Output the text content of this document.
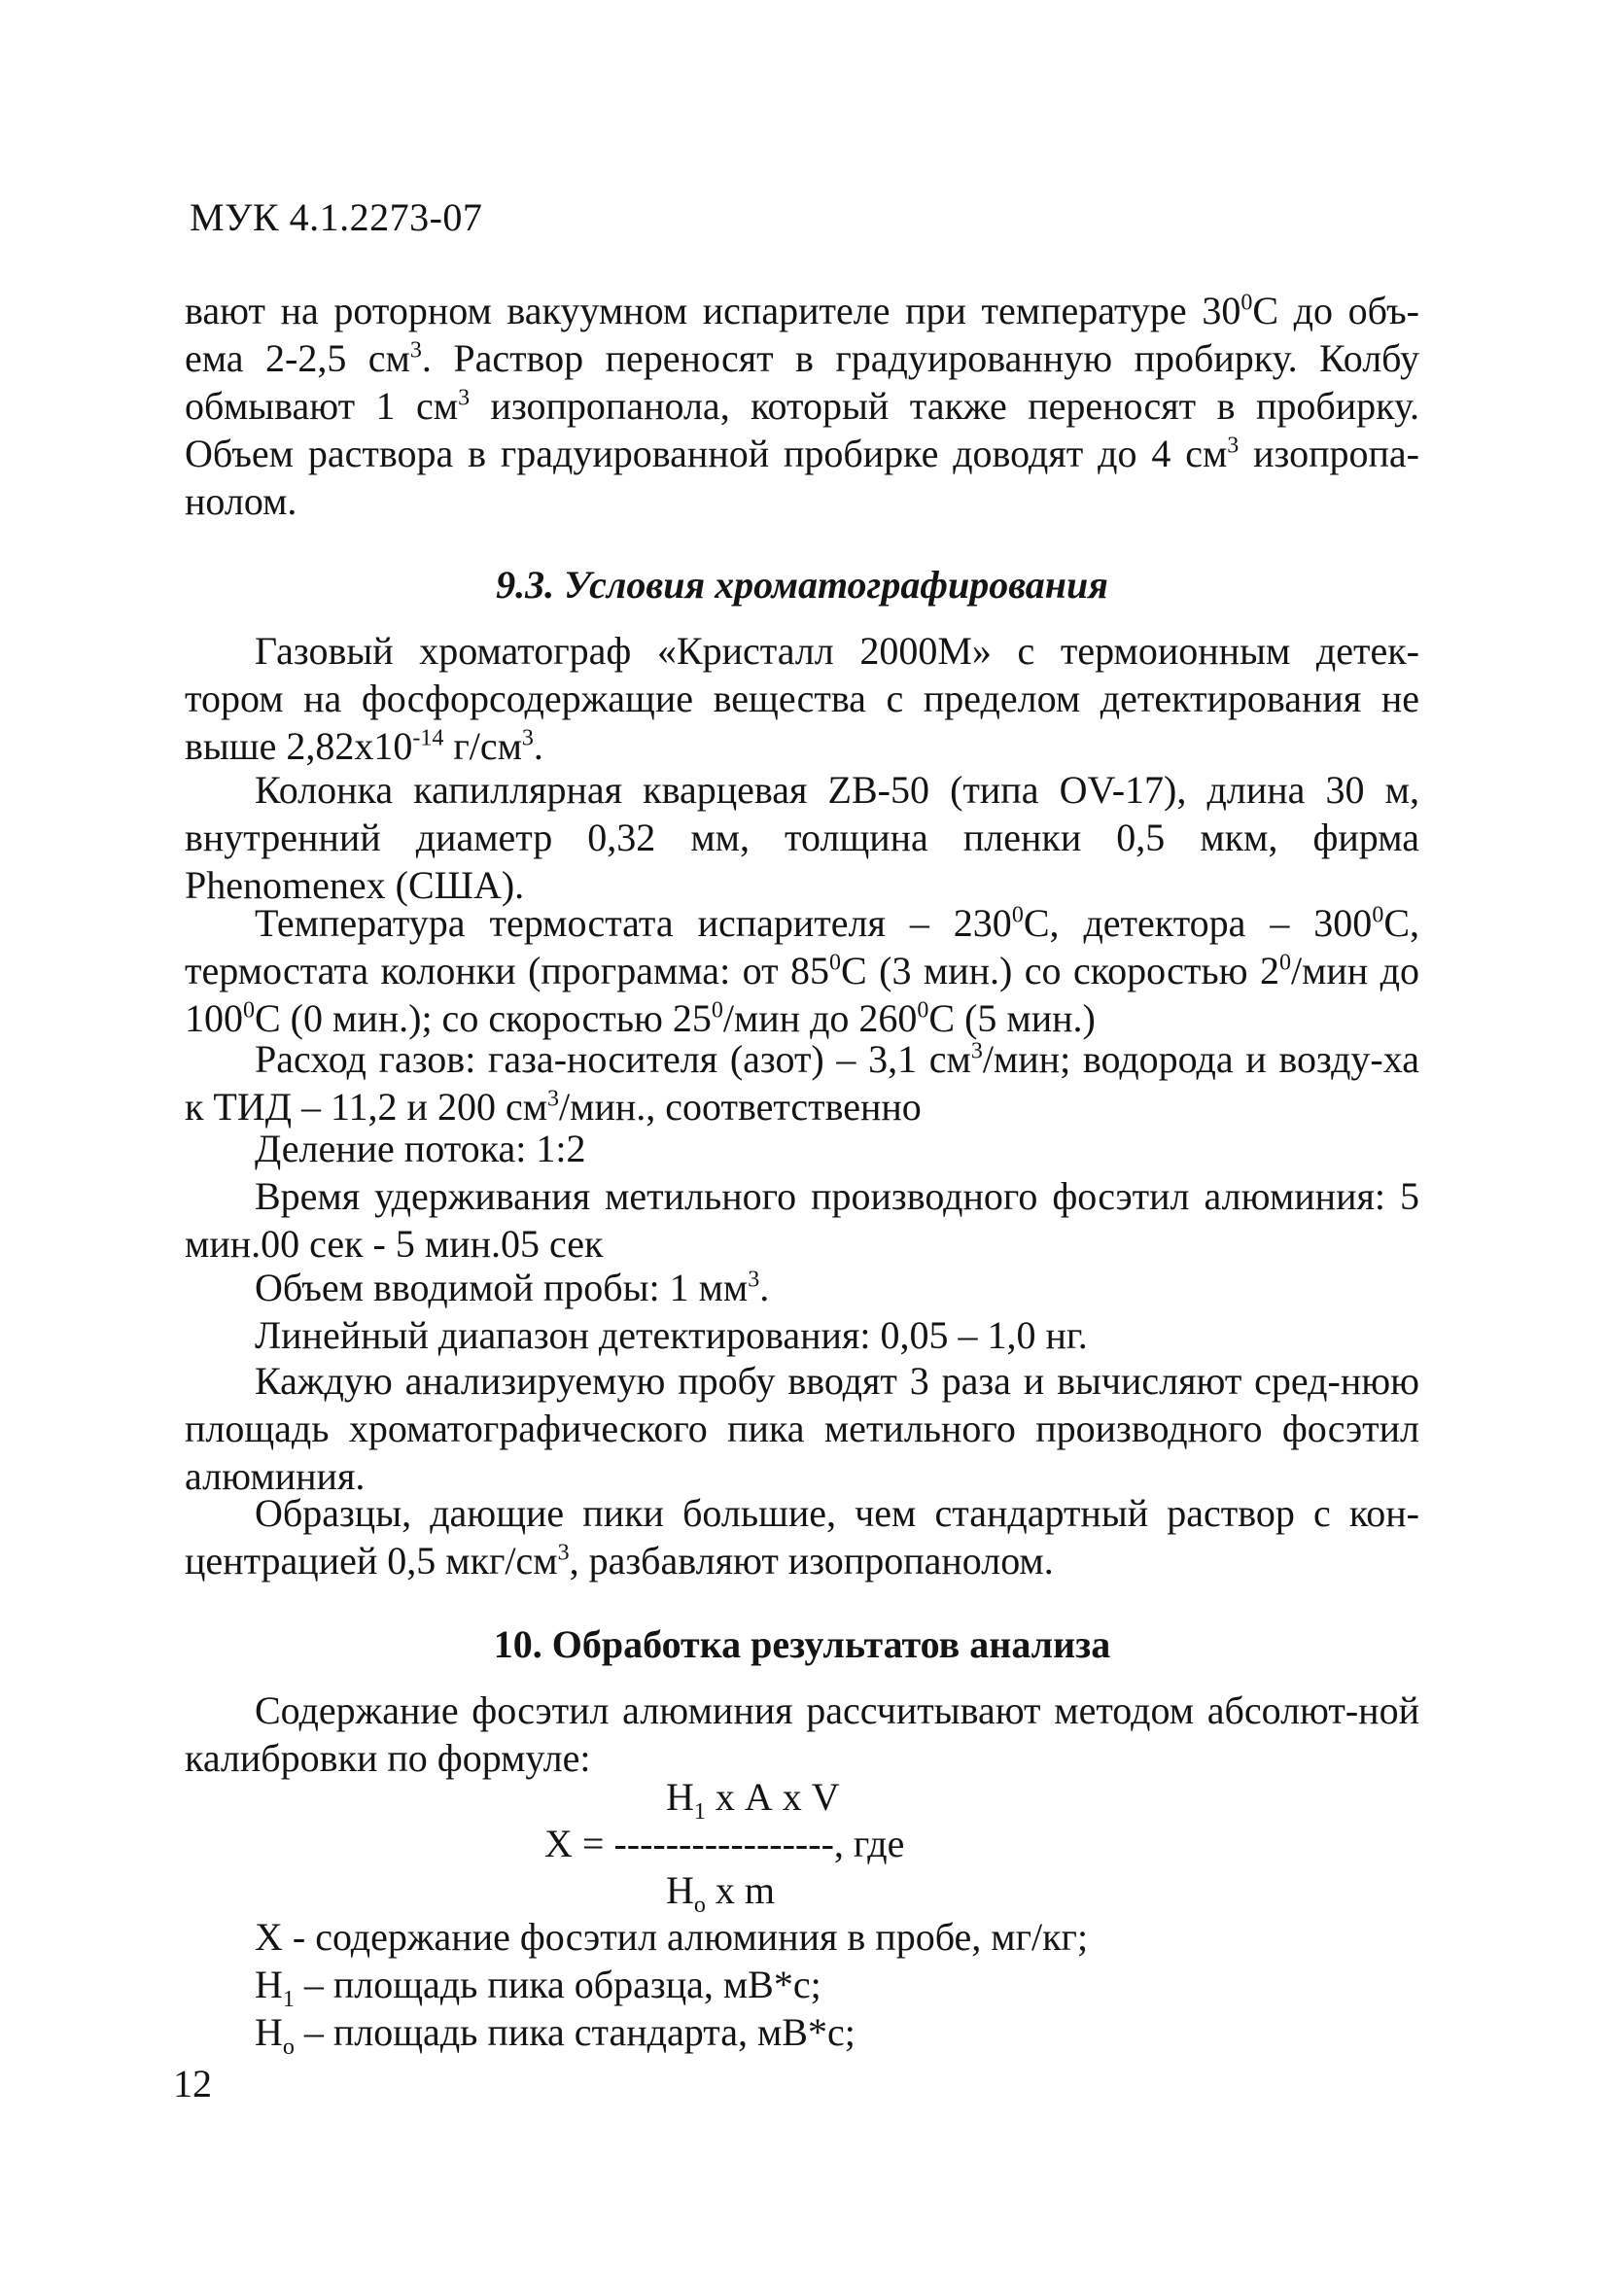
МУК 4.1.2273-07

вают на роторном вакуумном испарителе при температуре $30^0С$ до объ-ема 2-2,5 $см^3$. Раствор переносят в градуированную пробирку. Колбу обмывают 1 $см^3$ изопропанола, который также переносят в пробирку. Объем раствора в градуированной пробирке доводят до 4 $см^3$ изопропа-нолом.

9.3. Условия хроматографирования

Газовый хроматограф «Кристалл 2000М» с термоионным детек-тором на фосфорсодержащие вещества с пределом детектирования не выше $2,82х10^{-14}$ $г/см^3$.

Колонка капиллярная кварцевая ZB-50 (типа OV-17), длина 30 м, внутренний диаметр 0,32 мм, толщина пленки 0,5 мкм, фирма Phenomenex (США).

Температура термостата испарителя – $230^0С$, детектора – $300^0С$, термостата колонки (программа: от $85^0С$ (3 мин.) со скоростью $2^0$/мин до $100^0С$ (0 мин.); со скоростью $25^0$/мин до $260^0С$ (5 мин.)

Расход газов: газа-носителя (азот) – 3,1 $см^3$/мин; водорода и возду-ха к ТИД – 11,2 и 200 $см^3$/мин., соответственно

Деление потока: 1:2

Время удерживания метильного производного фосэтил алюминия: 5 мин.00 сек - 5 мин.05 сек

Объем вводимой пробы: 1 $мм^3$.

Линейный диапазон детектирования: 0,05 – 1,0 нг.

Каждую анализируемую пробу вводят 3 раза и вычисляют сред-нюю площадь хроматографического пика метильного производного фосэтил алюминия.

Образцы, дающие пики большие, чем стандартный раствор с кон-центрацией 0,5 мкг/$см^3$, разбавляют изопропанолом.

10. Обработка результатов анализа

Содержание фосэтил алюминия рассчитывают методом абсолют-ной калибровки по формуле:

$Н_1$ х А х V
Х = -----------------, где
$Н_о$ х m

Х - содержание фосэтил алюминия в пробе, мг/кг;

$Н_1$ – площадь пика образца, мВ*с;

$Н_о$ – площадь пика стандарта, мВ*с;

12
